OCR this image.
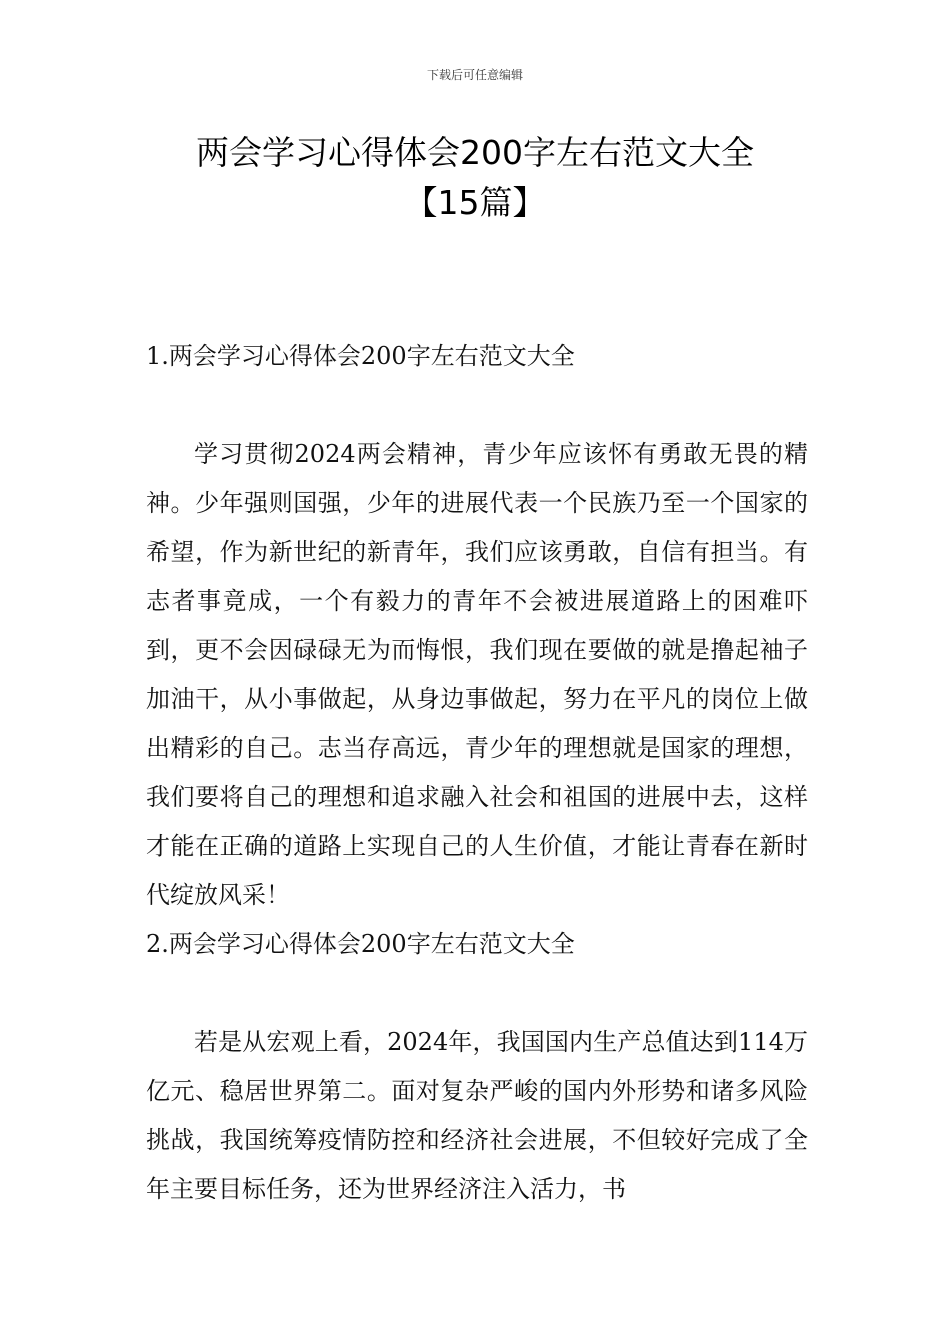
下载后可任意编辑
两会学习心得体会200字左右范文大全
【15篇】

1.两会学习心得体会200字左右范文大全

学习贯彻2024两会精神，青少年应该怀有勇敢无畏的精神。少年强则国强，少年的进展代表一个民族乃至一个国家的希望，作为新世纪的新青年，我们应该勇敢，自信有担当。有志者事竟成，一个有毅力的青年不会被进展道路上的困难吓到，更不会因碌碌无为而悔恨，我们现在要做的就是撸起袖子加油干，从小事做起，从身边事做起，努力在平凡的岗位上做出精彩的自己。志当存高远，青少年的理想就是国家的理想，我们要将自己的理想和追求融入社会和祖国的进展中去，这样才能在正确的道路上实现自己的人生价值，才能让青春在新时代绽放风采！

2.两会学习心得体会200字左右范文大全

若是从宏观上看，2024年，我国国内生产总值达到114万亿元、稳居世界第二。面对复杂严峻的国内外形势和诸多风险挑战，我国统筹疫情防控和经济社会进展，不但较好完成了全年主要目标任务，还为世界经济注入活力，书
